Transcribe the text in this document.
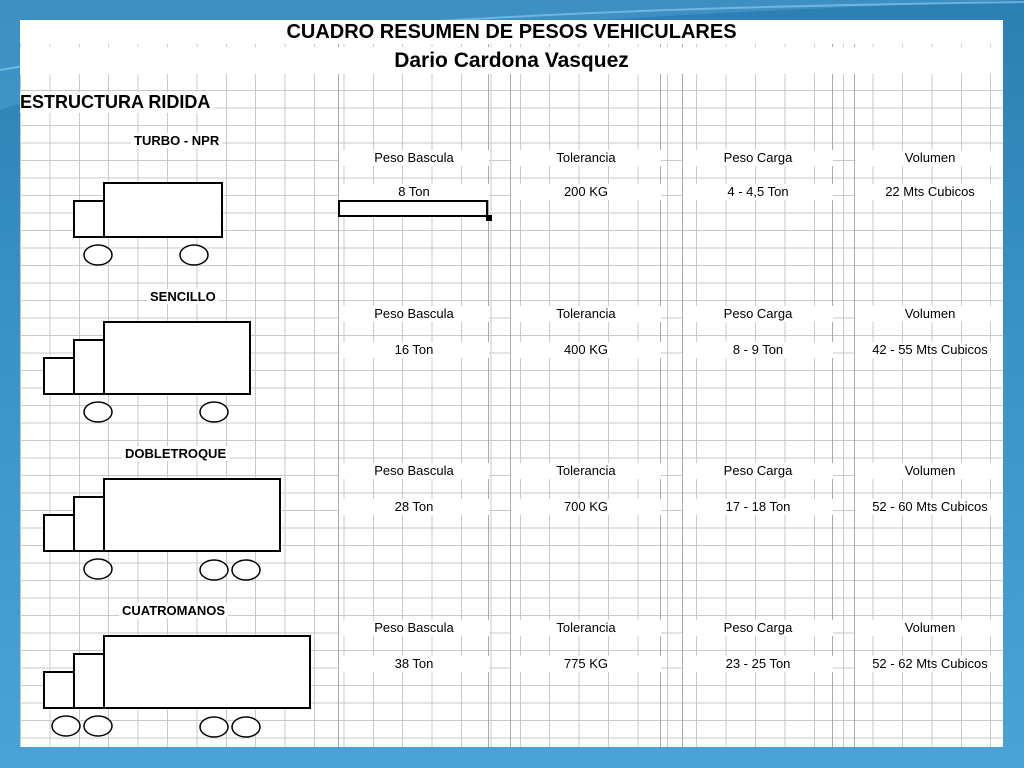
CUADRO RESUMEN DE PESOS VEHICULARES
Dario Cardona Vasquez
ESTRUCTURA RIDIDA
TURBO - NPR
Peso Bascula	Tolerancia	Peso Carga	Volumen
8 Ton	200 KG	4 - 4,5 Ton	22 Mts Cubicos
SENCILLO
Peso Bascula	Tolerancia	Peso Carga	Volumen
16 Ton	400 KG	8 - 9 Ton	42 - 55 Mts Cubicos
DOBLETROQUE
Peso Bascula	Tolerancia	Peso Carga	Volumen
28 Ton	700 KG	17 - 18 Ton	52 - 60 Mts Cubicos
CUATROMANOS
Peso Bascula	Tolerancia	Peso Carga	Volumen
38 Ton	775 KG	23 - 25 Ton	52 - 62 Mts Cubicos
